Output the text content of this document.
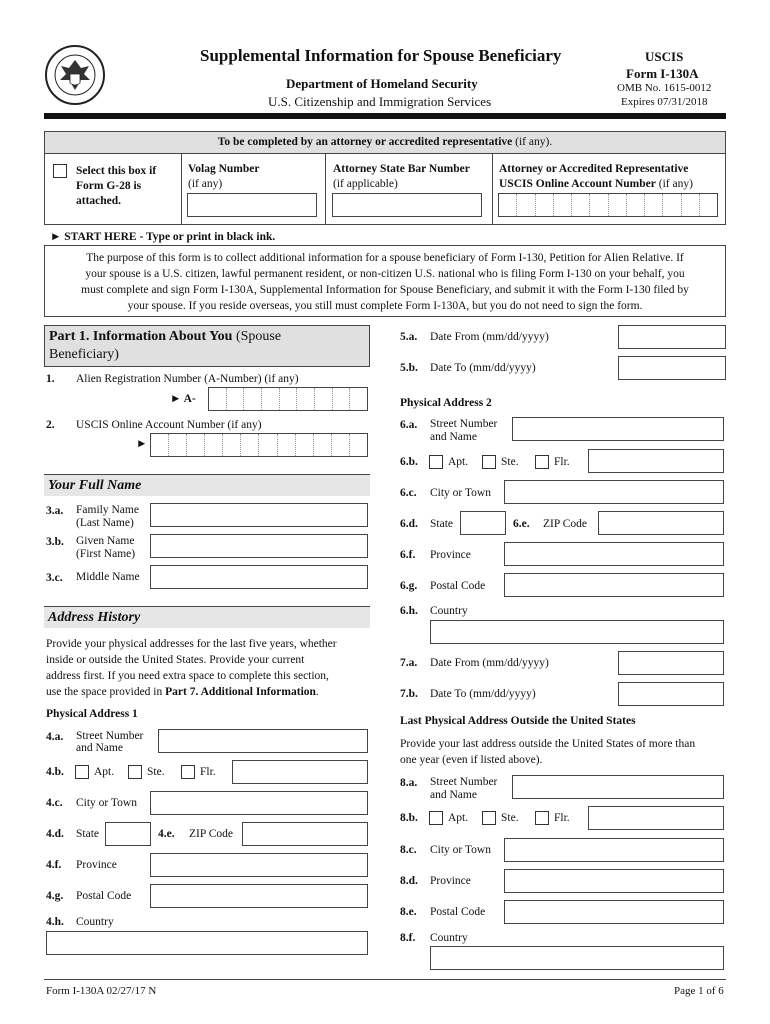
Supplemental Information for Spouse Beneficiary
Department of Homeland Security
U.S. Citizenship and Immigration Services
USCIS
Form I-130A
OMB No. 1615-0012
Expires 07/31/2018
To be completed by an attorney or accredited representative (if any).
Select this box if
Form G-28 is
attached.
Volag Number
(if any)
Attorney State Bar Number
(if applicable)
Attorney or Accredited Representative
USCIS Online Account Number (if any)
► START HERE - Type or print in black ink.
The purpose of this form is to collect additional information for a spouse beneficiary of Form I-130, Petition for Alien Relative. If
your spouse is a U.S. citizen, lawful permanent resident, or non-citizen U.S. national who is filing Form I-130 on your behalf, you
must complete and sign Form I-130A, Supplemental Information for Spouse Beneficiary, and submit it with the Form I-130 filed by
your spouse. If you reside overseas, you still must complete Form I-130A, but you do not need to sign the form.
Part 1. Information About You (Spouse
Beneficiary)
1. Alien Registration Number (A-Number) (if any)
► A-
2. USCIS Online Account Number (if any)
►
Your Full Name
3.a. Family Name
(Last Name)
3.b. Given Name
(First Name)
3.c. Middle Name
Address History
Provide your physical addresses for the last five years, whether
inside or outside the United States. Provide your current
address first. If you need extra space to complete this section,
use the space provided in Part 7. Additional Information.
Physical Address 1
4.a. Street Number
and Name
4.b.	Apt.	Ste.	Flr.
4.c. City or Town
4.d. State	4.e. ZIP Code
4.f. Province
4.g. Postal Code
4.h. Country
5.a. Date From (mm/dd/yyyy)
5.b. Date To (mm/dd/yyyy)
Physical Address 2
6.a. Street Number
and Name
6.b.	Apt.	Ste.	Flr.
6.c. City or Town
6.d. State	6.e. ZIP Code
6.f. Province
6.g. Postal Code
6.h. Country
7.a. Date From (mm/dd/yyyy)
7.b. Date To (mm/dd/yyyy)
Last Physical Address Outside the United States
Provide your last address outside the United States of more than
one year (even if listed above).
8.a. Street Number
and Name
8.b.	Apt.	Ste.	Flr.
8.c. City or Town
8.d. Province
8.e. Postal Code
8.f. Country
Form I-130A 02/27/17 N	Page 1 of 6
